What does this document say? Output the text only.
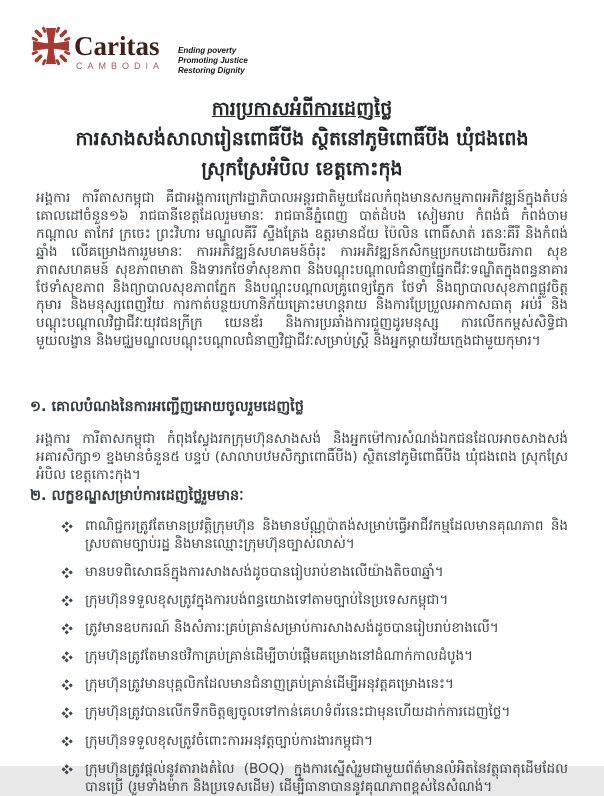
Caritas
CAMBODIA
Ending poverty
Promoting Justice
Restoring Dignity
ការប្រកាសអំពីការដេញថ្លៃ
ការសាងសង់សាលារៀនពោធិ៍បីង ស្ថិតនៅភូមិពោធិ៍បីង ឃុំជងពេង
ស្រុកស្រែអំបិល ខេត្តកោះកុង
អង្គការ ការីតាសកម្ពុជា គឺជាអង្គការក្រៅរដ្ឋាភិបាលអន្តរជាតិមួយដែលកំពុងមានសកម្មភាពអភិវឌ្ឍន៍ក្នុងតំបន់គោលដៅចំនួន១៦ រាជធានីខេត្តដែលរួមមានៈ រាជធានីភ្នំពេញ បាត់ដំបង សៀមរាប កំពង់ធំ កំពង់ចាម កណ្តាល តាកែវ ក្រចេះ ព្រះវិហារ មណ្ឌលគីរី ស្ទឹងត្រែង ឧត្តរមានជ័យ ប៉ៃលិន ពោធិ៍សាត់ រតនៈគីរី និងកំពង់ឆ្នាំង លើគម្រោងការរួមមានៈ ការអភិវឌ្ឍន៍សហគមន៍ចំរុះ ការអភិវឌ្ឍន៍កសិកម្មប្រកបដោយចីរភាព សុខភាពសហគមន៍ សុខភាពមាតា និងទារកថែទាំសុខភាព និងបណ្តុះបណ្តាលជំនាញផ្នែកជីវៈទណ្ឌិតក្នុងពន្ធនាគារ ថែទាំសុខភាព និងព្យាបាលសុខភាពភ្នែក និងបណ្តុះបណ្តាលគ្រូពេទ្យភ្នែក ថែទាំ និងព្យាបាលសុខភាពផ្លូវចិត្តកុមារ និងមនុស្សពេញវ័យ ការកាត់បន្ថយហានិភ័យគ្រោះមហន្តរាយ និងការប្រែប្រួលអាកាសធាតុ អប់រំ និងបណ្តុះបណ្តាលវិជ្ជាជីវៈយុវជនក្រីក្រ យេនឌ័រ និងការប្រឆាំងការជួញដូរមនុស្ស ការលើកកម្ពស់សិទ្ធិជាមួយលង្ខាន និងមជ្ឈមណ្ឌលបណ្តុះបណ្តាលជំនាញវិជ្ជាជីវៈសម្រាប់ស្ត្រី និងអ្នកម្តាយវ័យក្មេងជាមួយកុមារ។
១. គោលបំណងនៃការអញ្ជើញអោយចូលរួមដេញថ្លៃ
អង្គការ ការីតាសកម្ពុជា កំពុងស្វែងរកក្រុមហ៊ុនសាងសង់ និងអ្នកម៉ៅការសំណង់ឯកជនដែលអាចសាងសង់អគារសិក្សា១ ខ្នងមានចំនួន៥ បន្ទប់ (សាលាបឋមសិក្សាពោធិ៍បីង) ស្ថិតនៅភូមិពោធិ៍បីង ឃុំជងពេង ស្រុកស្រែអំបិល ខេត្តកោះកុង។
២. លក្ខខណ្ឌសម្រាប់ការដេញថ្លៃរួមមានៈ
ពាណិជ្ជករត្រូវតែមានប្រវត្តិក្រុមហ៊ុន និងមានប័ណ្ណប៉ាតង់សម្រាប់ធ្វើអាជីវកម្មដែលមានគុណភាព និងស្របតាមច្បាប់រដ្ឋ និងមានឈ្មោះក្រុមហ៊ុនច្បាស់លាស់។
មានបទពិសោធន៍ក្នុងការសាងសង់ដូចបានរៀបរាប់ខាងលើយ៉ាងតិច៣ឆ្នាំ។
ក្រុមហ៊ុនទទួលខុសត្រូវក្នុងការបង់ពន្ធយោងទៅតាមច្បាប់នៃប្រទេសកម្ពុជា។
ត្រូវមានឧបករណ៍ និងសំភារៈគ្រប់គ្រាន់សម្រាប់ការសាងសង់ដូចបានរៀបរាប់ខាងលើ។
ក្រុមហ៊ុនត្រូវតែមានថវិកាគ្រប់គ្រាន់ដើម្បីចាប់ផ្តើមគម្រោងនៅដំណាក់កាលដំបូង។
ក្រុមហ៊ុនត្រូវមានបុគ្គលិកដែលមានជំនាញគ្រប់គ្រាន់ដើម្បីអនុវត្តគម្រោងនេះ។
ក្រុមហ៊ុនត្រូវបានលើកទឹកចិត្តឲ្យចូលទៅកាន់គេហទំព័រនេះជាមុនហើយដាក់ការដេញថ្លៃ។
ក្រុមហ៊ុនទទួលខុសត្រូវចំពោះការអនុវត្តច្បាប់ការងារកម្ពុជា។
ក្រុមហ៊ុនត្រូវផ្តល់នូវតារាងតំលៃ (BOQ) ក្នុងការស្នើសុំរួមជាមួយព័ត៌មានលំអិតនៃវត្ថុធាតុដើមដែលបានប្រើ (រួមទាំងម៉ាក និងប្រទេសដើម) ដើម្បីធានាបាននូវគុណភាពខ្ពស់នៃសំណង់។
